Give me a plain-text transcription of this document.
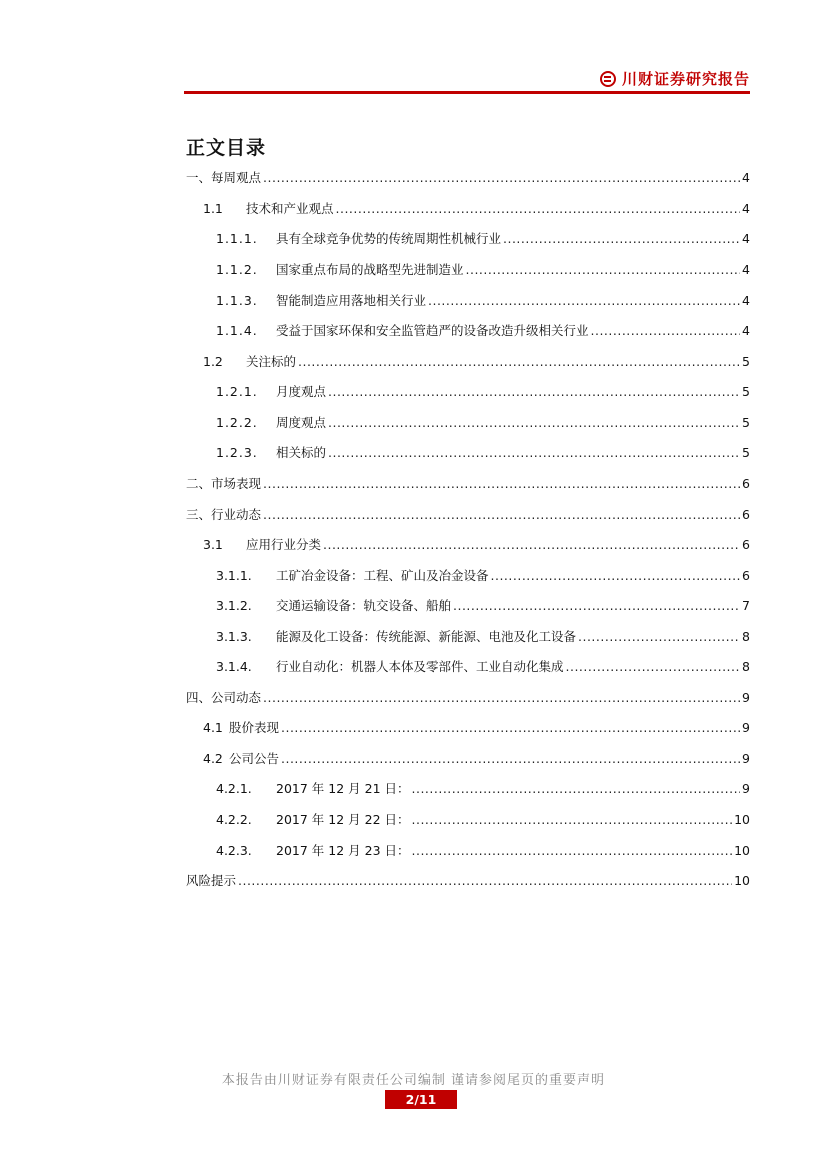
川财证券研究报告
正文目录
一、 每周观点 .....	4
1.1	技术和产业观点 .....	4
1.1.1.	具有全球竞争优势的传统周期性机械行业 .....	4
1.1.2.	国家重点布局的战略型先进制造业 .....	4
1.1.3.	智能制造应用落地相关行业 .....	4
1.1.4.	受益于国家环保和安全监管趋严的设备改造升级相关行业 .....	4
1.2	关注标的 .....	5
1.2.1.	月度观点 .....	5
1.2.2.	周度观点 .....	5
1.2.3.	相关标的 .....	5
二、 市场表现 .....	6
三、 行业动态 .....	6
3.1	应用行业分类 .....	6
3.1.1.	工矿冶金设备：工程、矿山及冶金设备 .....	6
3.1.2.	交通运输设备：轨交设备、船舶 .....	7
3.1.3.	能源及化工设备：传统能源、新能源、电池及化工设备 .....	8
3.1.4.	行业自动化：机器人本体及零部件、工业自动化集成 .....	8
四、 公司动态 .....	9
4.1 股价表现 .....	9
4.2 公司公告 .....	9
4.2.1.	2017 年 12 月 21 日： .....	9
4.2.2.	2017 年 12 月 22 日： .....	10
4.2.3.	2017 年 12 月 23 日： .....	10
风险提示 .....	10
本报告由川财证券有限责任公司编制 谨请参阅尾页的重要声明
2/11
